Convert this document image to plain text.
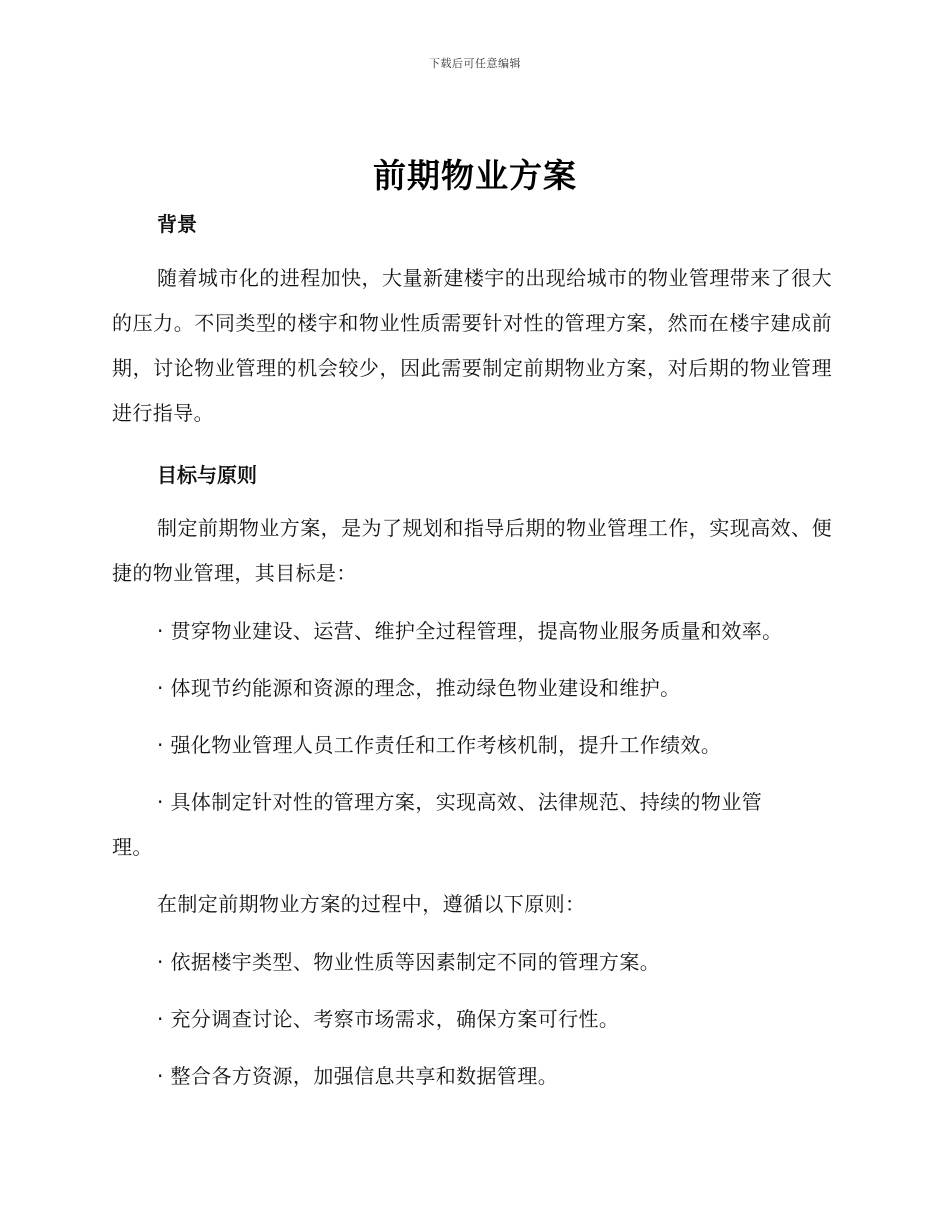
下载后可任意编辑
前期物业方案
背景
随着城市化的进程加快，大量新建楼宇的出现给城市的物业管理带来了很大的压力。不同类型的楼宇和物业性质需要针对性的管理方案，然而在楼宇建成前期，讨论物业管理的机会较少，因此需要制定前期物业方案，对后期的物业管理进行指导。
目标与原则
制定前期物业方案，是为了规划和指导后期的物业管理工作，实现高效、便捷的物业管理，其目标是：
· 贯穿物业建设、运营、维护全过程管理，提高物业服务质量和效率。
· 体现节约能源和资源的理念，推动绿色物业建设和维护。
· 强化物业管理人员工作责任和工作考核机制，提升工作绩效。
· 具体制定针对性的管理方案，实现高效、法律规范、持续的物业管理。
在制定前期物业方案的过程中，遵循以下原则：
· 依据楼宇类型、物业性质等因素制定不同的管理方案。
· 充分调查讨论、考察市场需求，确保方案可行性。
· 整合各方资源，加强信息共享和数据管理。
